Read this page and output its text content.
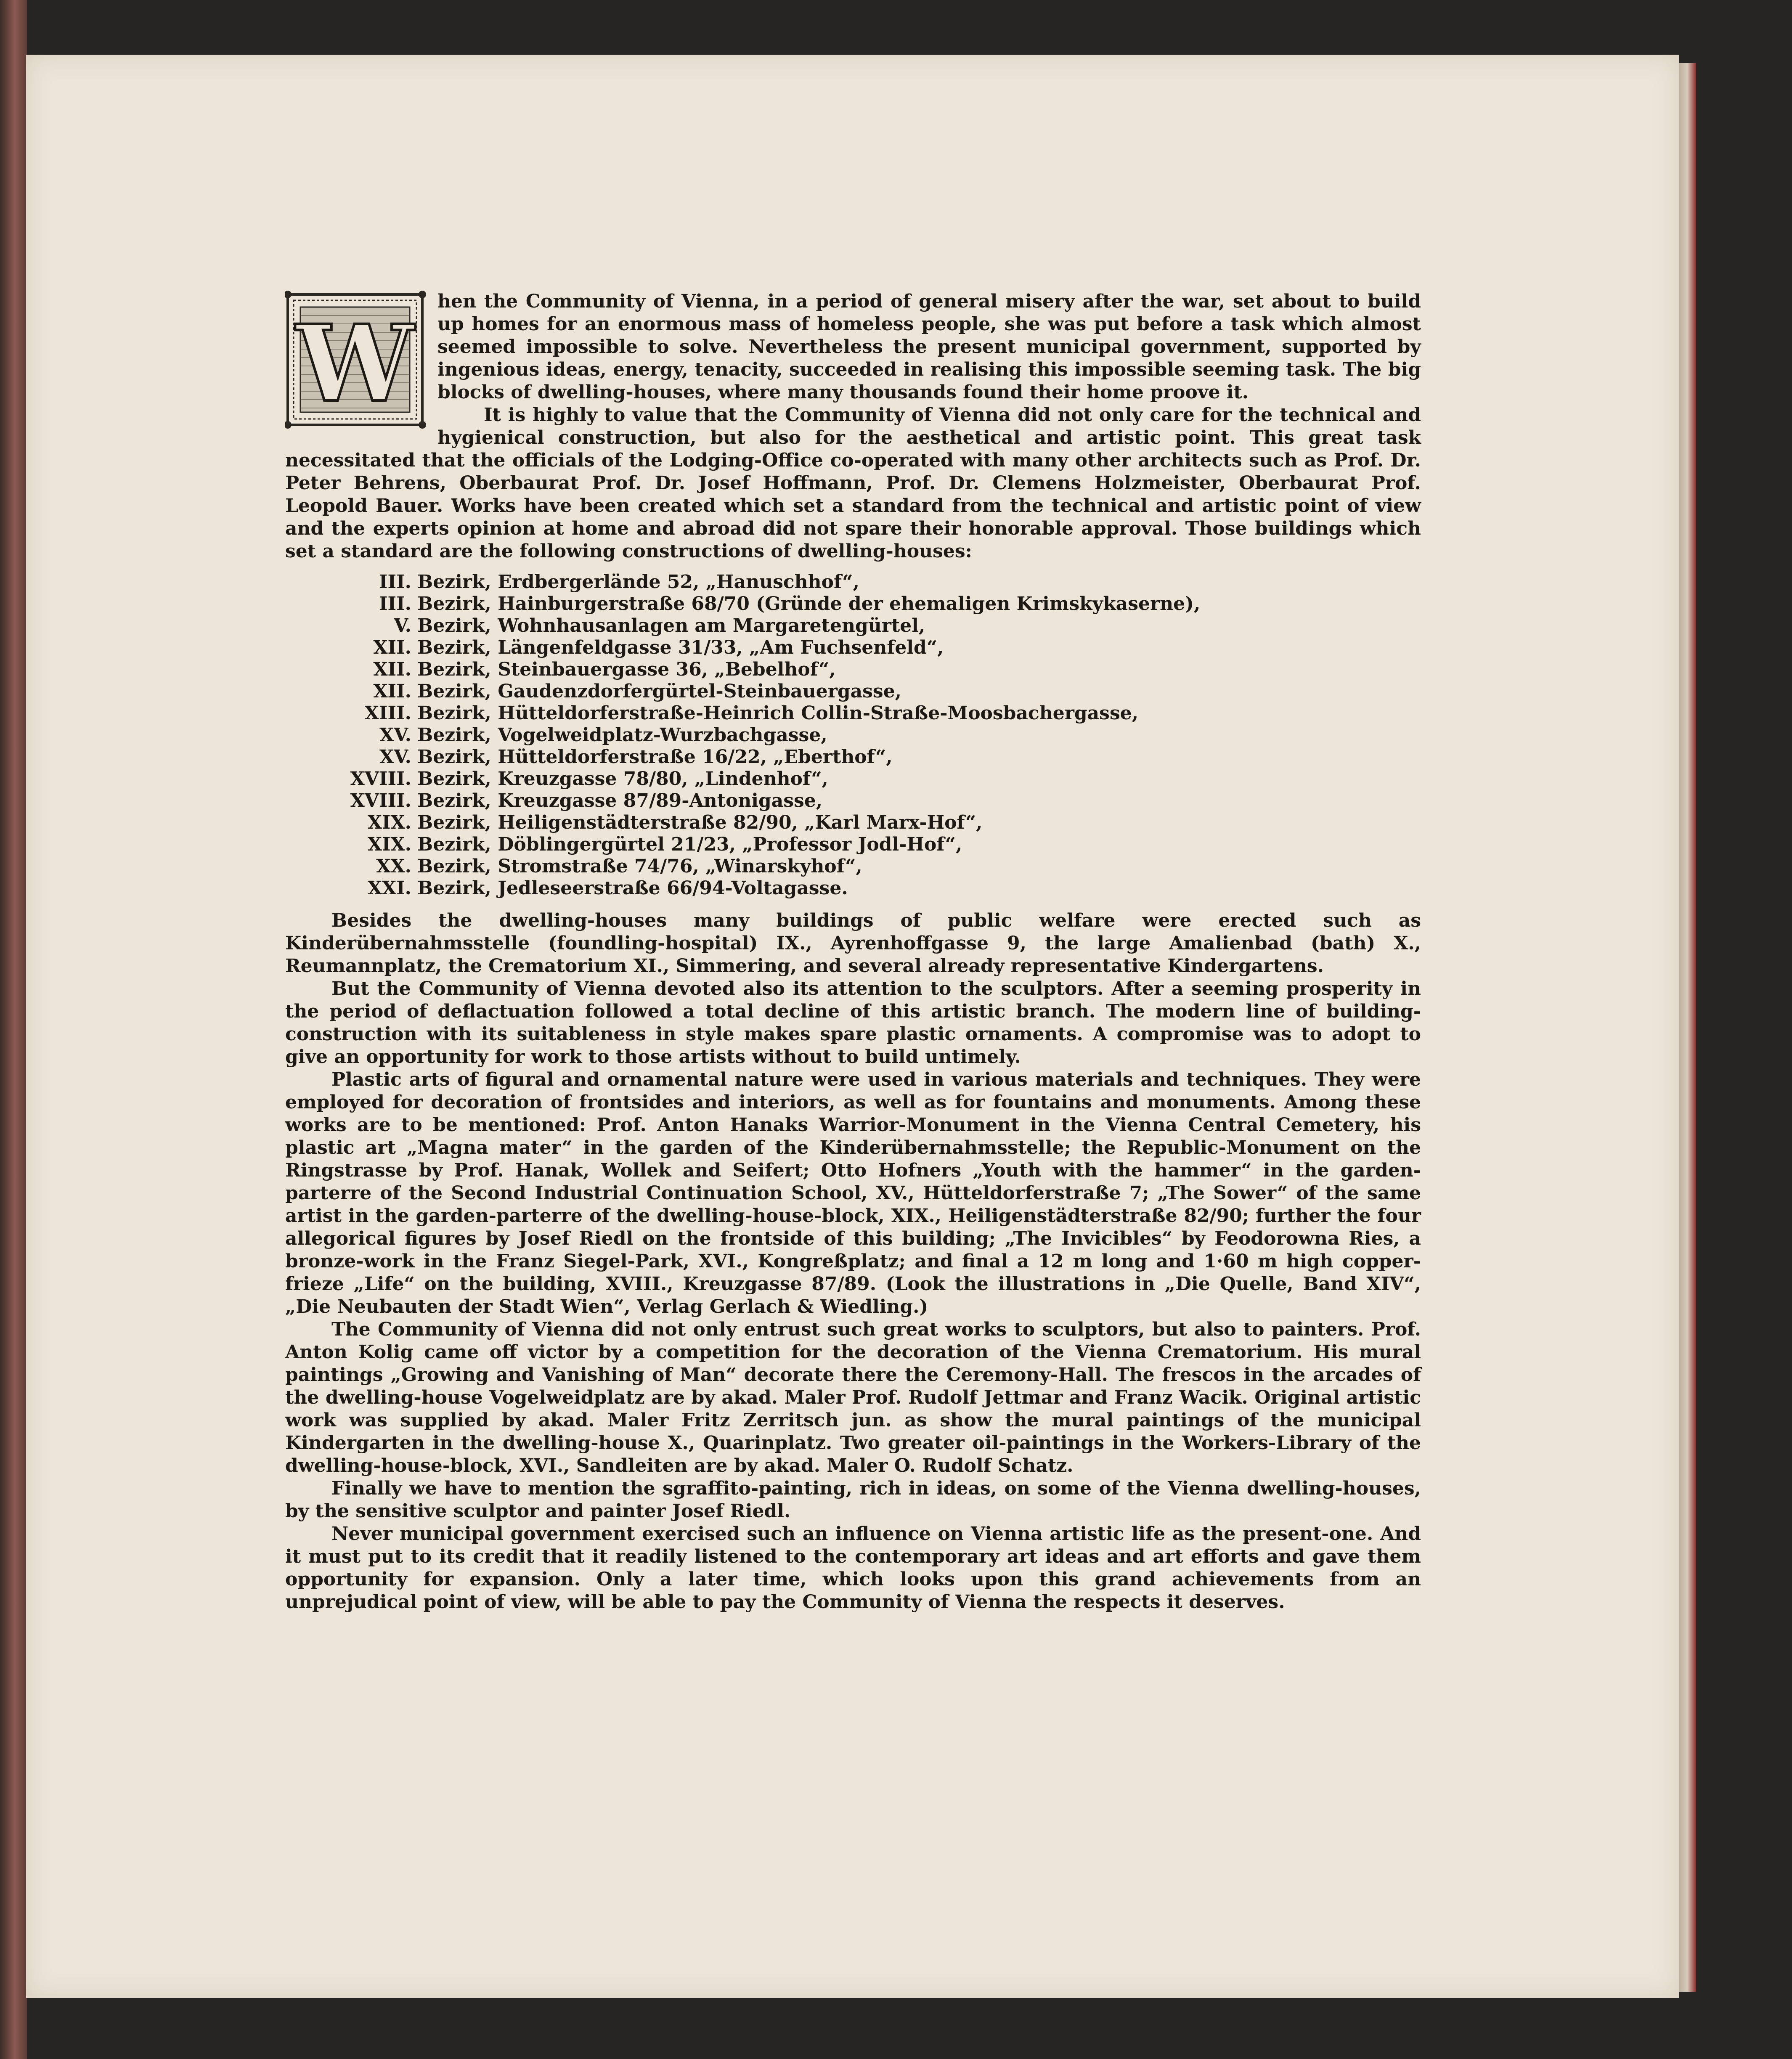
W
hen the Community of Vienna, in a period of general misery after the war, set about to build up homes for an enormous mass of homeless people, she was put before a task which almost seemed impossible to solve. Nevertheless the present municipal government, supported by ingenious ideas, energy, tenacity, succeeded in realising this impossible seeming task. The big blocks of dwelling-houses, where many thousands found their home proove it.

It is highly to value that the Community of Vienna did not only care for the technical and hygienical construction, but also for the aesthetical and artistic point. This great task necessitated that the officials of the Lodging-Office co-operated with many other architects such as Prof. Dr. Peter Behrens, Oberbaurat Prof. Dr. Josef Hoffmann, Prof. Dr. Clemens Holzmeister, Oberbaurat Prof. Leopold Bauer. Works have been created which set a standard from the technical and artistic point of view and the experts opinion at home and abroad did not spare their honorable approval. Those buildings which set a standard are the following constructions of dwelling-houses:

III. Bezirk, Erdbergerlände 52, „Hanuschhof“,
III. Bezirk, Hainburgerstraße 68/70 (Gründe der ehemaligen Krimskykaserne),
V. Bezirk, Wohnhausanlagen am Margaretengürtel,
XII. Bezirk, Längenfeldgasse 31/33, „Am Fuchsenfeld“,
XII. Bezirk, Steinbauergasse 36, „Bebelhof“,
XII. Bezirk, Gaudenzdorfergürtel-Steinbauergasse,
XIII. Bezirk, Hütteldorferstraße-Heinrich Collin-Straße-Moosbachergasse,
XV. Bezirk, Vogelweidplatz-Wurzbachgasse,
XV. Bezirk, Hütteldorferstraße 16/22, „Eberthof“,
XVIII. Bezirk, Kreuzgasse 78/80, „Lindenhof“,
XVIII. Bezirk, Kreuzgasse 87/89-Antonigasse,
XIX. Bezirk, Heiligenstädterstraße 82/90, „Karl Marx-Hof“,
XIX. Bezirk, Döblingergürtel 21/23, „Professor Jodl-Hof“,
XX. Bezirk, Stromstraße 74/76, „Winarskyhof“,
XXI. Bezirk, Jedleseerstraße 66/94-Voltagasse.

Besides the dwelling-houses many buildings of public welfare were erected such as Kinderübernahmsstelle (foundling-hospital) IX., Ayrenhoffgasse 9, the large Amalienbad (bath) X., Reumannplatz, the Crematorium XI., Simmering, and several already representative Kindergartens.

But the Community of Vienna devoted also its attention to the sculptors. After a seeming prosperity in the period of deflactuation followed a total decline of this artistic branch. The modern line of building-construction with its suitableness in style makes spare plastic ornaments. A compromise was to adopt to give an opportunity for work to those artists without to build untimely.

Plastic arts of figural and ornamental nature were used in various materials and techniques. They were employed for decoration of frontsides and interiors, as well as for fountains and monuments. Among these works are to be mentioned: Prof. Anton Hanaks Warrior-Monument in the Vienna Central Cemetery, his plastic art „Magna mater“ in the garden of the Kinderübernahmsstelle; the Republic-Monument on the Ringstrasse by Prof. Hanak, Wollek and Seifert; Otto Hofners „Youth with the hammer“ in the garden-parterre of the Second Industrial Continuation School, XV., Hütteldorferstraße 7; „The Sower“ of the same artist in the garden-parterre of the dwelling-house-block, XIX., Heiligenstädterstraße 82/90; further the four allegorical figures by Josef Riedl on the frontside of this building; „The Invicibles“ by Feodorowna Ries, a bronze-work in the Franz Siegel-Park, XVI., Kongreßplatz; and final a 12 m long and 1·60 m high copper-frieze „Life“ on the building, XVIII., Kreuzgasse 87/89. (Look the illustrations in „Die Quelle, Band XIV“, „Die Neubauten der Stadt Wien“, Verlag Gerlach & Wiedling.)

The Community of Vienna did not only entrust such great works to sculptors, but also to painters. Prof. Anton Kolig came off victor by a competition for the decoration of the Vienna Crematorium. His mural paintings „Growing and Vanishing of Man“ decorate there the Ceremony-Hall. The frescos in the arcades of the dwelling-house Vogelweidplatz are by akad. Maler Prof. Rudolf Jettmar and Franz Wacik. Original artistic work was supplied by akad. Maler Fritz Zerritsch jun. as show the mural paintings of the municipal Kindergarten in the dwelling-house X., Quarinplatz. Two greater oil-paintings in the Workers-Library of the dwelling-house-block, XVI., Sandleiten are by akad. Maler O. Rudolf Schatz.

Finally we have to mention the sgraffito-painting, rich in ideas, on some of the Vienna dwelling-houses, by the sensitive sculptor and painter Josef Riedl.

Never municipal government exercised such an influence on Vienna artistic life as the present-one. And it must put to its credit that it readily listened to the contemporary art ideas and art efforts and gave them opportunity for expansion. Only a later time, which looks upon this grand achievements from an unprejudical point of view, will be able to pay the Community of Vienna the respects it deserves.
